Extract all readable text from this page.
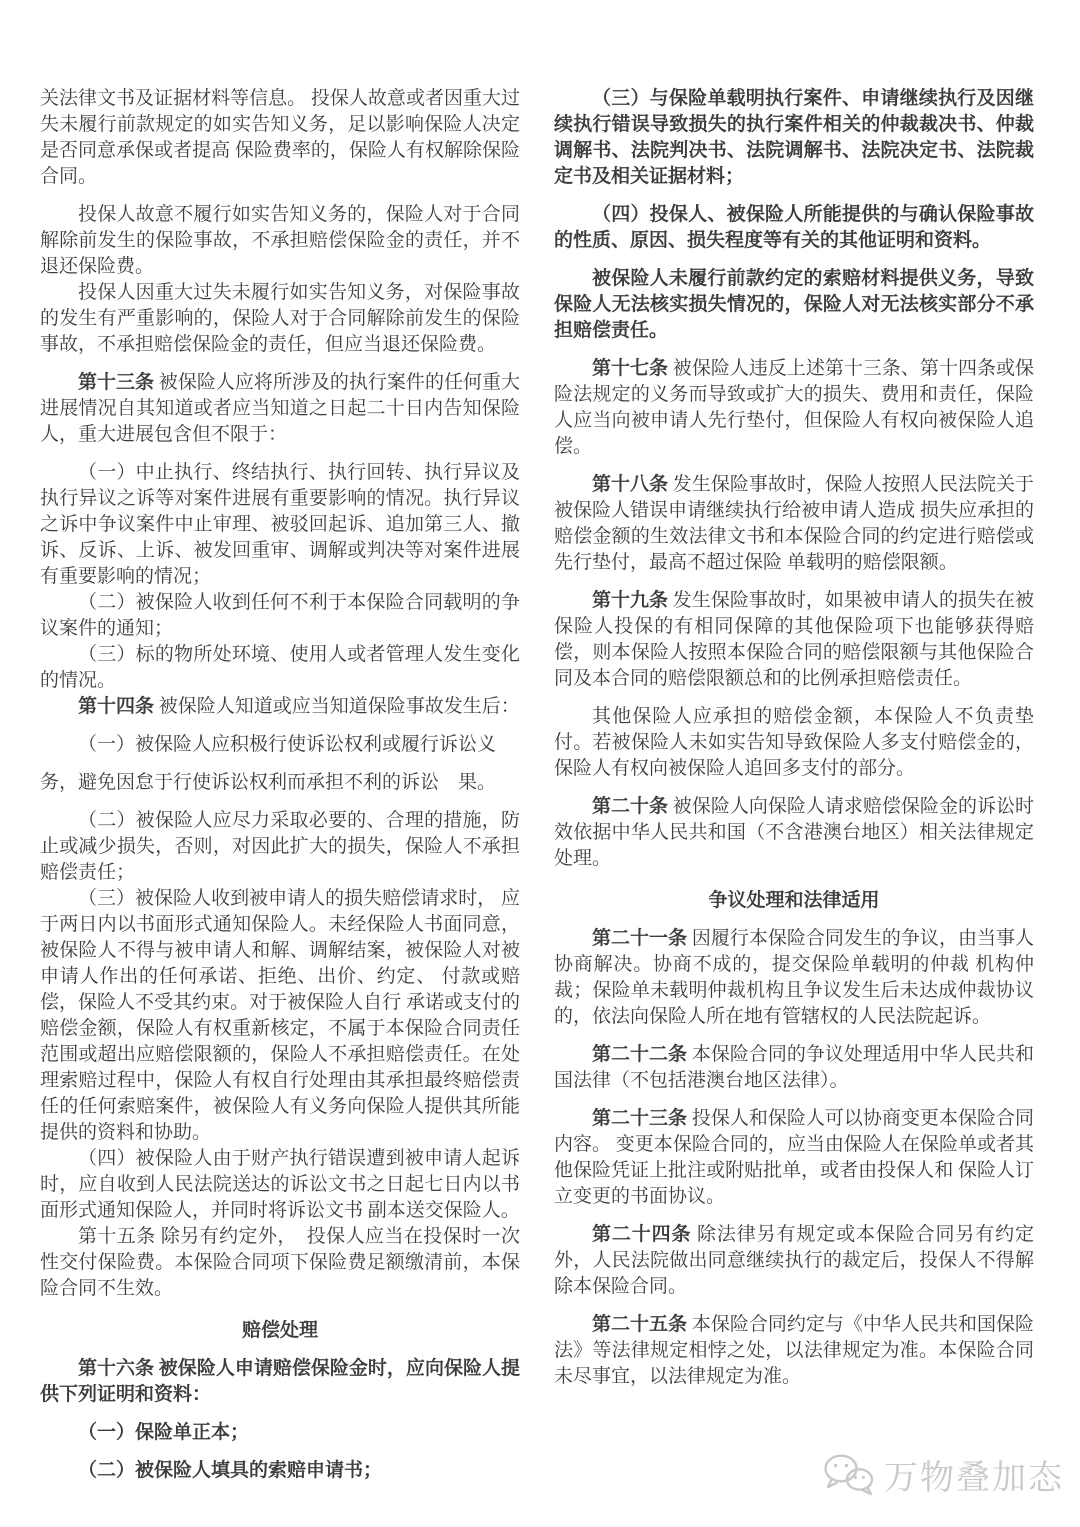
关法律文书及证据材料等信息。 投保人故意或者因重大过失未履行前款规定的如实告知义务，足以影响保险人决定是否同意承保或者提高 保险费率的，保险人有权解除保险合同。

投保人故意不履行如实告知义务的，保险人对于合同解除前发生的保险事故，不承担赔偿保险金的责任，并不退还保险费。

投保人因重大过失未履行如实告知义务，对保险事故的发生有严重影响的，保险人对于合同解除前发生的保险事故，不承担赔偿保险金的责任，但应当退还保险费。

第十三条 被保险人应将所涉及的执行案件的任何重大进展情况自其知道或者应当知道之日起二十日内告知保险人，重大进展包含但不限于：

（一）中止执行、终结执行、执行回转、执行异议及执行异议之诉等对案件进展有重要影响的情况。执行异议之诉中争议案件中止审理、被驳回起诉、追加第三人、撤诉、反诉、上诉、被发回重审、调解或判决等对案件进展有重要影响的情况；

（二）被保险人收到任何不利于本保险合同载明的争议案件的通知；

（三）标的物所处环境、使用人或者管理人发生变化的情况。

第十四条 被保险人知道或应当知道保险事故发生后：

（一）被保险人应积极行使诉讼权利或履行诉讼义

务，避免因怠于行使诉讼权利而承担不利的诉讼　果。

（二）被保险人应尽力采取必要的、合理的措施，防止或减少损失，否则，对因此扩大的损失，保险人不承担赔偿责任；

（三）被保险人收到被申请人的损失赔偿请求时， 应于两日内以书面形式通知保险人。未经保险人书面同意，被保险人不得与被申请人和解、调解结案，被保险人对被申请人作出的任何承诺、拒绝、出价、约定、 付款或赔偿，保险人不受其约束。对于被保险人自行 承诺或支付的赔偿金额，保险人有权重新核定，不属于本保险合同责任范围或超出应赔偿限额的，保险人不承担赔偿责任。在处理索赔过程中，保险人有权自行处理由其承担最终赔偿责任的任何索赔案件，被保险人有义务向保险人提供其所能提供的资料和协助。

（四）被保险人由于财产执行错误遭到被申请人起诉时，应自收到人民法院送达的诉讼文书之日起七日内以书面形式通知保险人，并同时将诉讼文书 副本送交保险人。

第十五条 除另有约定外，　投保人应当在投保时一次性交付保险费。本保险合同项下保险费足额缴清前，本保险合同不生效。

赔偿处理

第十六条 被保险人申请赔偿保险金时，应向保险人提供下列证明和资料：

（一）保险单正本；

（二）被保险人填具的索赔申请书；

（三）与保险单载明执行案件、申请继续执行及因继续执行错误导致损失的执行案件相关的仲裁裁决书、仲裁调解书、法院判决书、法院调解书、法院决定书、法院裁定书及相关证据材料；

（四）投保人、被保险人所能提供的与确认保险事故的性质、原因、损失程度等有关的其他证明和资料。

被保险人未履行前款约定的索赔材料提供义务，导致保险人无法核实损失情况的，保险人对无法核实部分不承担赔偿责任。

第十七条 被保险人违反上述第十三条、第十四条或保险法规定的义务而导致或扩大的损失、费用和责任，保险人应当向被申请人先行垫付，但保险人有权向被保险人追偿。

第十八条 发生保险事故时，保险人按照人民法院关于被保险人错误申请继续执行给被申请人造成 损失应承担的赔偿金额的生效法律文书和本保险合同的约定进行赔偿或先行垫付，最高不超过保险 单载明的赔偿限额。

第十九条 发生保险事故时，如果被申请人的损失在被保险人投保的有相同保障的其他保险项下也能够获得赔偿，则本保险人按照本保险合同的赔偿限额与其他保险合同及本合同的赔偿限额总和的比例承担赔偿责任。

其他保险人应承担的赔偿金额，本保险人不负责垫付。若被保险人未如实告知导致保险人多支付赔偿金的，保险人有权向被保险人追回多支付的部分。

第二十条 被保险人向保险人请求赔偿保险金的诉讼时效依据中华人民共和国（不含港澳台地区）相关法律规定处理。

争议处理和法律适用

第二十一条 因履行本保险合同发生的争议，由当事人协商解决。协商不成的，提交保险单载明的仲裁 机构仲裁；保险单未载明仲裁机构且争议发生后未达成仲裁协议的，依法向保险人所在地有管辖权的人民法院起诉。

第二十二条 本保险合同的争议处理适用中华人民共和国法律（不包括港澳台地区法律）。

第二十三条 投保人和保险人可以协商变更本保险合同内容。 变更本保险合同的，应当由保险人在保险单或者其他保险凭证上批注或附贴批单，或者由投保人和 保险人订立变更的书面协议。

第二十四条 除法律另有规定或本保险合同另有约定外，人民法院做出同意继续执行的裁定后，投保人不得解除本保险合同。

第二十五条 本保险合同约定与《中华人民共和国保险法》等法律规定相悖之处，以法律规定为准。本保险合同未尽事宜，以法律规定为准。

万物叠加态
